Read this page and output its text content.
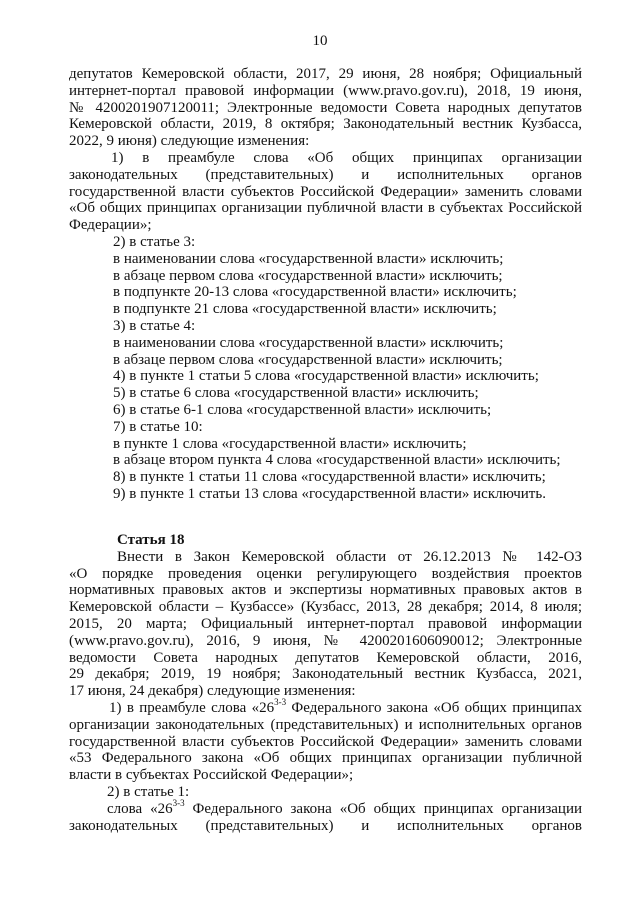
10

депутатов Кемеровской области, 2017, 29 июня, 28 ноября; Официальный

интернет-портал правовой информации (www.pravo.gov.ru), 2018, 19 июня,

№ 4200201907120011; Электронные ведомости Совета народных депутатов

Кемеровской области, 2019, 8 октября; Законодательный вестник Кузбасса,

2022, 9 июня) следующие изменения:

1) в преамбуле слова «Об общих принципах организации

законодательных (представительных) и исполнительных органов

государственной власти субъектов Российской Федерации» заменить словами

«Об общих принципах организации публичной власти в субъектах Российской

Федерации»;

2) в статье 3:

в наименовании слова «государственной власти» исключить;

в абзаце первом слова «государственной власти» исключить;

в подпункте 20-13 слова «государственной власти» исключить;

в подпункте 21 слова «государственной власти» исключить;

3) в статье 4:

в наименовании слова «государственной власти» исключить;

в абзаце первом слова «государственной власти» исключить;

4) в пункте 1 статьи 5 слова «государственной власти» исключить;

5) в статье 6 слова «государственной власти» исключить;

6) в статье 6-1 слова «государственной власти» исключить;

7) в статье 10:

в пункте 1 слова «государственной власти» исключить;

в абзаце втором пункта 4 слова «государственной власти» исключить;

8) в пункте 1 статьи 11 слова «государственной власти» исключить;

9) в пункте 1 статьи 13 слова «государственной власти» исключить.

Статья 18

Внести в Закон Кемеровской области от 26.12.2013 № 142-ОЗ

«О порядке проведения оценки регулирующего воздействия проектов

нормативных правовых актов и экспертизы нормативных правовых актов в

Кемеровской области – Кузбассе» (Кузбасс, 2013, 28 декабря; 2014, 8 июля;

2015, 20 марта; Официальный интернет-портал правовой информации

(www.pravo.gov.ru), 2016, 9 июня, № 4200201606090012; Электронные

ведомости Совета народных депутатов Кемеровской области, 2016,

29 декабря; 2019, 19 ноября; Законодательный вестник Кузбасса, 2021,

17 июня, 24 декабря) следующие изменения:

1) в преамбуле слова «26$^{3-3}$ Федерального закона «Об общих принципах

организации законодательных (представительных) и исполнительных органов

государственной власти субъектов Российской Федерации» заменить словами

«53 Федерального закона «Об общих принципах организации публичной

власти в субъектах Российской Федерации»;

2) в статье 1:

слова «26$^{3-3}$ Федерального закона «Об общих принципах организации

законодательных (представительных) и исполнительных органов
